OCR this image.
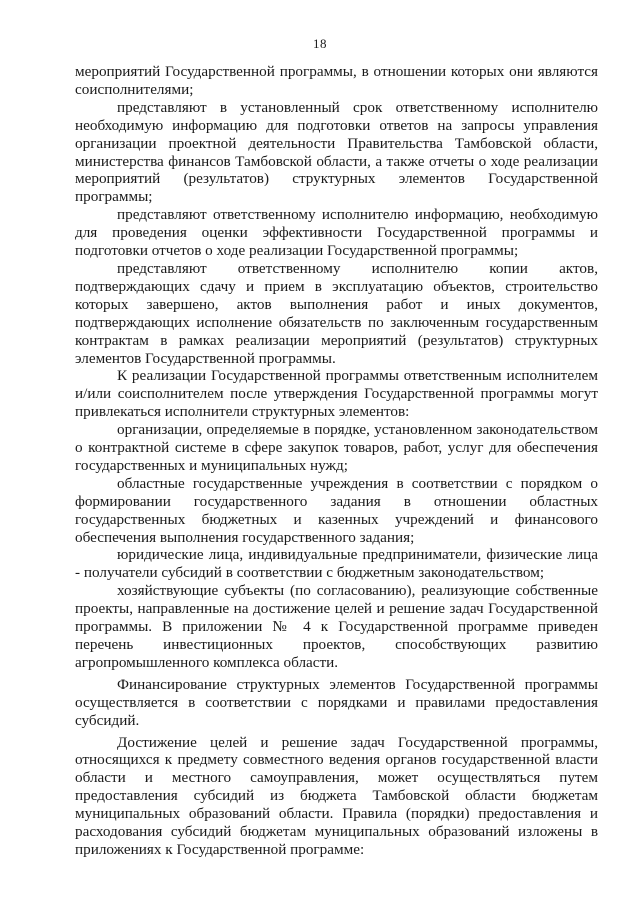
18

мероприятий Государственной программы, в отношении которых они являются соисполнителями;

представляют в установленный срок ответственному исполнителю необходимую информацию для подготовки ответов на запросы управления организации проектной деятельности Правительства Тамбовской области, министерства финансов Тамбовской области, а также отчеты о ходе реализации мероприятий (результатов) структурных элементов Государственной программы;

представляют ответственному исполнителю информацию, необходимую для проведения оценки эффективности Государственной программы и подготовки отчетов о ходе реализации Государственной программы;

представляют ответственному исполнителю копии актов, подтверждающих сдачу и прием в эксплуатацию объектов, строительство которых завершено, актов выполнения работ и иных документов, подтверждающих исполнение обязательств по заключенным государственным контрактам в рамках реализации мероприятий (результатов) структурных элементов Государственной программы.

К реализации Государственной программы ответственным исполнителем и/или соисполнителем после утверждения Государственной программы могут привлекаться исполнители структурных элементов:

организации, определяемые в порядке, установленном законодательством о контрактной системе в сфере закупок товаров, работ, услуг для обеспечения государственных и муниципальных нужд;

областные государственные учреждения в соответствии с порядком о формировании государственного задания в отношении областных государственных бюджетных и казенных учреждений и финансового обеспечения выполнения государственного задания;

юридические лица, индивидуальные предприниматели, физические лица - получатели субсидий в соответствии с бюджетным законодательством;

хозяйствующие субъекты (по согласованию), реализующие собственные проекты, направленные на достижение целей и решение задач Государственной программы. В приложении № 4 к Государственной программе приведен перечень инвестиционных проектов, способствующих развитию агропромышленного комплекса области.

Финансирование структурных элементов Государственной программы осуществляется в соответствии с порядками и правилами предоставления субсидий.

Достижение целей и решение задач Государственной программы, относящихся к предмету совместного ведения органов государственной власти области и местного самоуправления, может осуществляться путем предоставления субсидий из бюджета Тамбовской области бюджетам муниципальных образований области. Правила (порядки) предоставления и расходования субсидий бюджетам муниципальных образований изложены в приложениях к Государственной программе:
